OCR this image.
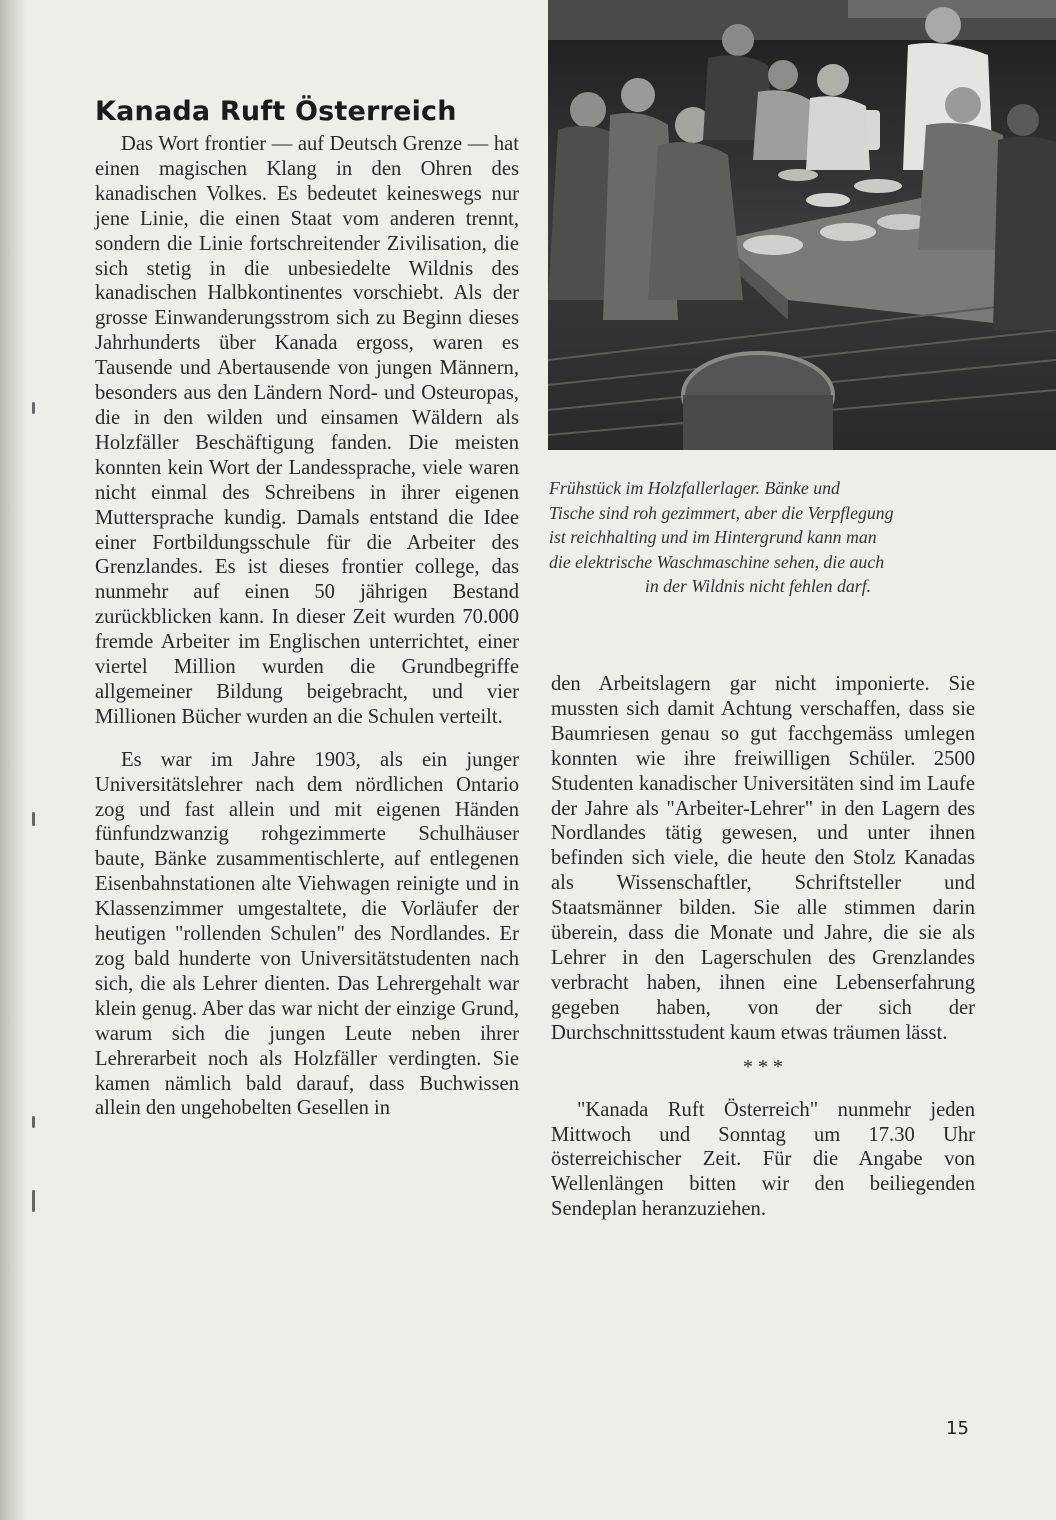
Kanada Ruft Österreich

Das Wort frontier — auf Deutsch Grenze — hat einen magischen Klang in den Ohren des kanadischen Volkes. Es bedeutet keineswegs nur jene Linie, die einen Staat vom anderen trennt, sondern die Linie fortschreitender Zivilisation, die sich stetig in die unbesiedelte Wildnis des kanadischen Halbkontinentes vorschiebt. Als der grosse Einwanderungsstrom sich zu Beginn dieses Jahrhunderts über Kanada ergoss, waren es Tausende und Abertausende von jungen Männern, besonders aus den Ländern Nord- und Osteuropas, die in den wilden und einsamen Wäldern als Holzfäller Beschäftigung fanden. Die meisten konnten kein Wort der Landessprache, viele waren nicht einmal des Schreibens in ihrer eigenen Muttersprache kundig. Damals entstand die Idee einer Fortbildungsschule für die Arbeiter des Grenzlandes. Es ist dieses frontier college, das nunmehr auf einen 50 jährigen Bestand zurückblicken kann. In dieser Zeit wurden 70.000 fremde Arbeiter im Englischen unterrichtet, einer viertel Million wurden die Grundbegriffe allgemeiner Bildung beigebracht, und vier Millionen Bücher wurden an die Schulen verteilt.

Es war im Jahre 1903, als ein junger Universitätslehrer nach dem nördlichen Ontario zog und fast allein und mit eigenen Händen fünfundzwanzig rohgezimmerte Schulhäuser baute, Bänke zusammentischlerte, auf entlegenen Eisenbahnstationen alte Viehwagen reinigte und in Klassenzimmer umgestaltete, die Vorläufer der heutigen "rollenden Schulen" des Nordlandes. Er zog bald hunderte von Universitätstudenten nach sich, die als Lehrer dienten. Das Lehrergehalt war klein genug. Aber das war nicht der einzige Grund, warum sich die jungen Leute neben ihrer Lehrerarbeit noch als Holzfäller verdingten. Sie kamen nämlich bald darauf, dass Buchwissen allein den ungehobelten Gesellen in

Frühstück im Holzfallerlager. Bänke und
Tische sind roh gezimmert, aber die Verpflegung
ist reichhalting und im Hintergrund kann man
die elektrische Waschmaschine sehen, die auch
in der Wildnis nicht fehlen darf.

den Arbeitslagern gar nicht imponierte. Sie mussten sich damit Achtung verschaffen, dass sie Baumriesen genau so gut facchgemäss umlegen konnten wie ihre freiwilligen Schüler. 2500 Studenten kanadischer Universitäten sind im Laufe der Jahre als "Arbeiter-Lehrer" in den Lagern des Nordlandes tätig gewesen, und unter ihnen befinden sich viele, die heute den Stolz Kanadas als Wissenschaftler, Schriftsteller und Staatsmänner bilden. Sie alle stimmen darin überein, dass die Monate und Jahre, die sie als Lehrer in den Lagerschulen des Grenzlandes verbracht haben, ihnen eine Lebenserfahrung gegeben haben, von der sich der Durchschnittsstudent kaum etwas träumen lässt.

* * *

"Kanada Ruft Österreich" nunmehr jeden Mittwoch und Sonntag um 17.30 Uhr österreichischer Zeit. Für die Angabe von Wellenlängen bitten wir den beiliegenden Sendeplan heranzuziehen.

15
